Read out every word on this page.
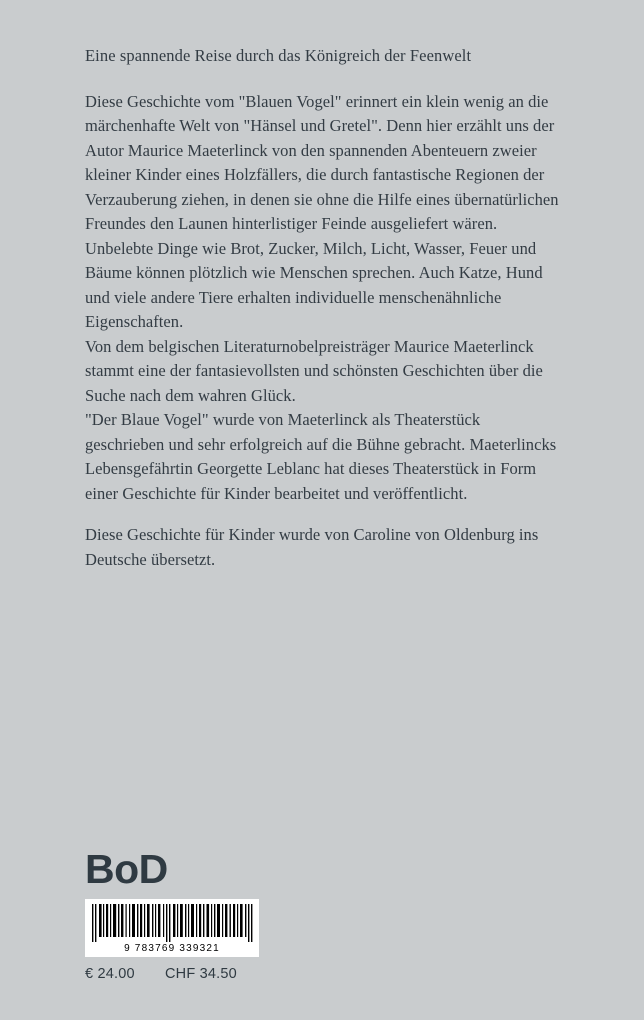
Eine spannende Reise durch das Königreich der Feenwelt

Diese Geschichte vom "Blauen Vogel" erinnert ein klein wenig an die märchenhafte Welt von "Hänsel und Gretel". Denn hier erzählt uns der Autor Maurice Maeterlinck von den spannenden Abenteuern zweier kleiner Kinder eines Holzfällers, die durch fantastische Regionen der Verzauberung ziehen, in denen sie ohne die Hilfe eines übernatürlichen Freundes den Launen hinterlistiger Feinde ausgeliefert wären. Unbelebte Dinge wie Brot, Zucker, Milch, Licht, Wasser, Feuer und Bäume können plötzlich wie Menschen sprechen. Auch Katze, Hund und viele andere Tiere erhalten individuelle menschenähnliche Eigenschaften.

Von dem belgischen Literaturnobelpreisträger Maurice Maeterlinck stammt eine der fantasievollsten und schönsten Geschichten über die Suche nach dem wahren Glück.

"Der Blaue Vogel" wurde von Maeterlinck als Theaterstück geschrieben und sehr erfolgreich auf die Bühne gebracht. Maeterlincks Lebensgefährtin Georgette Leblanc hat dieses Theaterstück in Form einer Geschichte für Kinder bearbeitet und veröffentlicht.

Diese Geschichte für Kinder wurde von Caroline von Oldenburg ins Deutsche übersetzt.

BoD
9 783769 339321
€ 24.00 CHF 34.50
